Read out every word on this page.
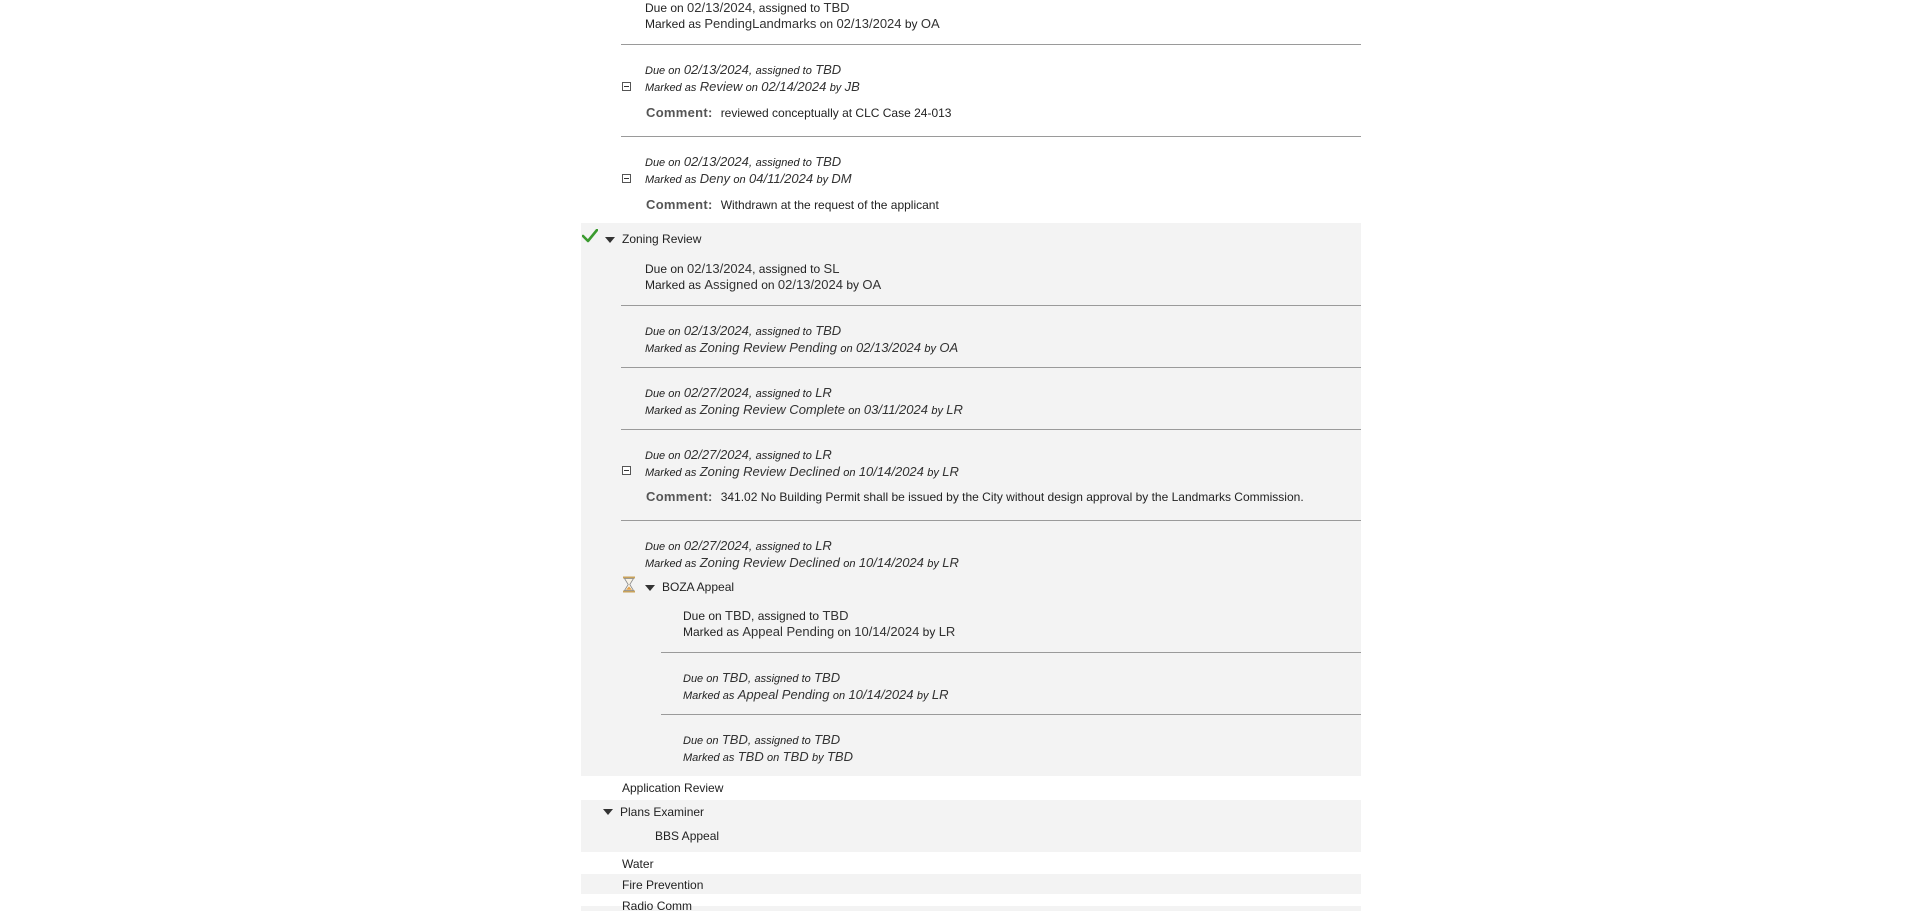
Due on 02/13/2024, assigned to TBD
Marked as PendingLandmarks on 02/13/2024 by OA
Due on 02/13/2024, assigned to TBD
Marked as Review on 02/14/2024 by JB
Comment: reviewed conceptually at CLC Case 24-013
Due on 02/13/2024, assigned to TBD
Marked as Deny on 04/11/2024 by DM
Comment: Withdrawn at the request of the applicant
Zoning Review
Due on 02/13/2024, assigned to SL
Marked as Assigned on 02/13/2024 by OA
Due on 02/13/2024, assigned to TBD
Marked as Zoning Review Pending on 02/13/2024 by OA
Due on 02/27/2024, assigned to LR
Marked as Zoning Review Complete on 03/11/2024 by LR
Due on 02/27/2024, assigned to LR
Marked as Zoning Review Declined on 10/14/2024 by LR
Comment: 341.02 No Building Permit shall be issued by the City without design approval by the Landmarks Commission.
Due on 02/27/2024, assigned to LR
Marked as Zoning Review Declined on 10/14/2024 by LR
BOZA Appeal
Due on TBD, assigned to TBD
Marked as Appeal Pending on 10/14/2024 by LR
Due on TBD, assigned to TBD
Marked as Appeal Pending on 10/14/2024 by LR
Due on TBD, assigned to TBD
Marked as TBD on TBD by TBD
Application Review
Plans Examiner
BBS Appeal
Water
Fire Prevention
Radio Comm
